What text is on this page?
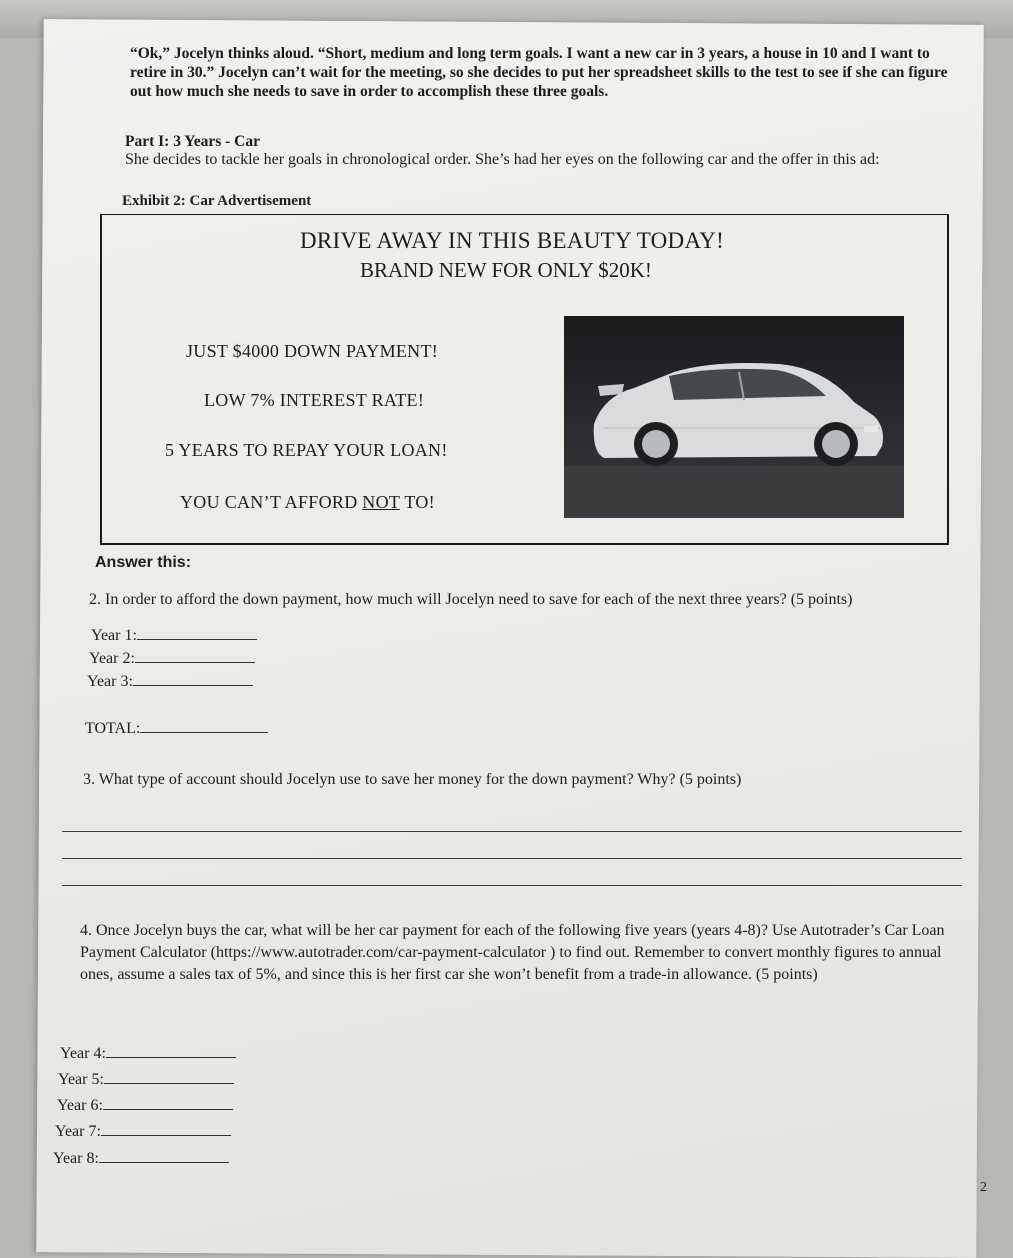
“Ok,” Jocelyn thinks aloud. “Short, medium and long term goals. I want a new car in 3 years, a house in 10 and I want to retire in 30.” Jocelyn can’t wait for the meeting, so she decides to put her spreadsheet skills to the test to see if she can figure out how much she needs to save in order to accomplish these three goals.
Part I: 3 Years - Car
She decides to tackle her goals in chronological order. She’s had her eyes on the following car and the offer in this ad:
Exhibit 2: Car Advertisement
DRIVE AWAY IN THIS BEAUTY TODAY!
BRAND NEW FOR ONLY $20K!
JUST $4000 DOWN PAYMENT!
LOW 7% INTEREST RATE!
5 YEARS TO REPAY YOUR LOAN!
YOU CAN’T AFFORD NOT TO!
Answer this:
2. In order to afford the down payment, how much will Jocelyn need to save for each of the next three years? (5 points)
Year 1:
Year 2:
Year 3:
TOTAL:
3. What type of account should Jocelyn use to save her money for the down payment? Why? (5 points)
4. Once Jocelyn buys the car, what will be her car payment for each of the following five years (years 4-8)? Use Autotrader’s Car Loan Payment Calculator (https://www.autotrader.com/car-payment-calculator ) to find out. Remember to convert monthly figures to annual ones, assume a sales tax of 5%, and since this is her first car she won’t benefit from a trade-in allowance. (5 points)
Year 4:
Year 5:
Year 6:
Year 7:
Year 8:
2
